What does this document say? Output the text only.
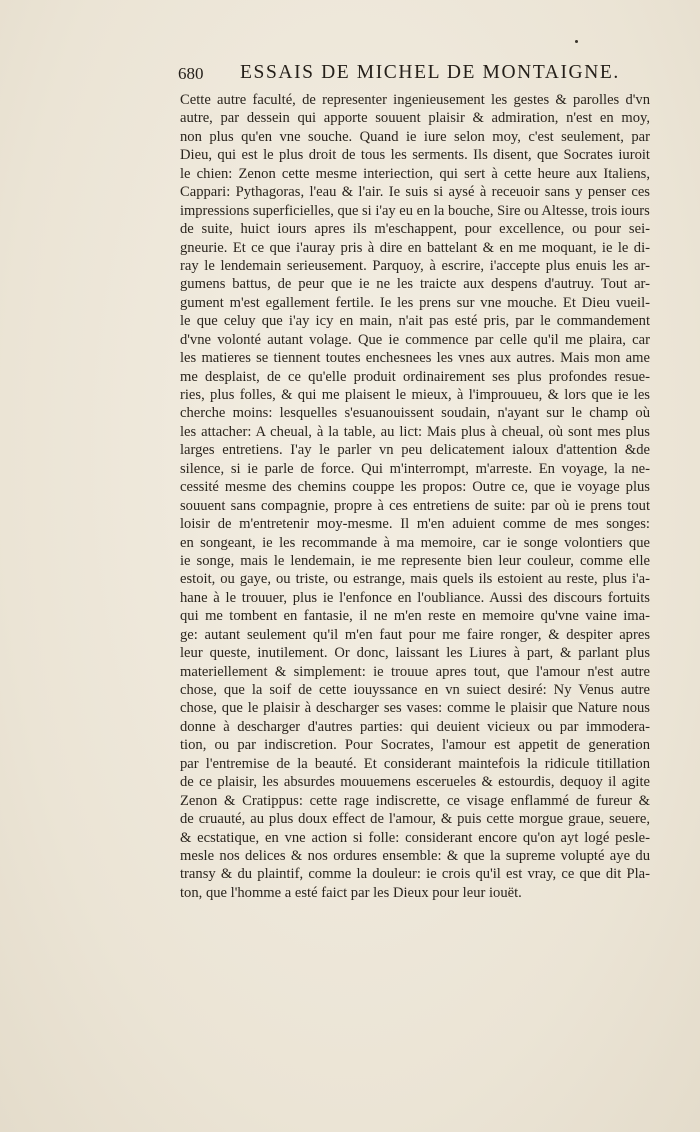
680 ESSAIS DE MICHEL DE MONTAIGNE.
Cette autre faculté, de representer ingenieusement les gestes & parolles d'vn
autre, par dessein qui apporte souuent plaisir & admiration, n'est en moy,
non plus qu'en vne souche. Quand ie iure selon moy, c'est seulement, par
Dieu, qui est le plus droit de tous les serments. Ils disent, que Socrates iuroit
le chien: Zenon cette mesme interiection, qui sert à cette heure aux Italiens,
Cappari: Pythagoras, l'eau & l'air. Ie suis si aysé à receuoir sans y penser ces
impressions superficielles, que si i'ay eu en la bouche, Sire ou Altesse, trois iours
de suite, huict iours apres ils m'eschappent, pour excellence, ou pour sei-
gneurie. Et ce que i'auray pris à dire en battelant & en me moquant, ie le di-
ray le lendemain serieusement. Parquoy, à escrire, i'accepte plus enuis les ar-
gumens battus, de peur que ie ne les traicte aux despens d'autruy. Tout ar-
gument m'est egallement fertile. Ie les prens sur vne mouche. Et Dieu vueil-
le que celuy que i'ay icy en main, n'ait pas esté pris, par le commandement
d'vne volonté autant volage. Que ie commence par celle qu'il me plaira, car
les matieres se tiennent toutes enchesnees les vnes aux autres. Mais mon ame
me desplaist, de ce qu'elle produit ordinairement ses plus profondes resue-
ries, plus folles, & qui me plaisent le mieux, à l'improuueu, & lors que ie les
cherche moins: lesquelles s'esuanouissent soudain, n'ayant sur le champ où
les attacher: A cheual, à la table, au lict: Mais plus à cheual, où sont mes plus
larges entretiens. I'ay le parler vn peu delicatement ialoux d'attention &de
silence, si ie parle de force. Qui m'interrompt, m'arreste. En voyage, la ne-
cessité mesme des chemins couppe les propos: Outre ce, que ie voyage plus
souuent sans compagnie, propre à ces entretiens de suite: par où ie prens tout
loisir de m'entretenir moy-mesme. Il m'en aduient comme de mes songes:
en songeant, ie les recommande à ma memoire, car ie songe volontiers que
ie songe, mais le lendemain, ie me represente bien leur couleur, comme elle
estoit, ou gaye, ou triste, ou estrange, mais quels ils estoient au reste, plus i'a-
hane à le trouuer, plus ie l'enfonce en l'oubliance. Aussi des discours fortuits
qui me tombent en fantasie, il ne m'en reste en memoire qu'vne vaine ima-
ge: autant seulement qu'il m'en faut pour me faire ronger, & despiter apres
leur queste, inutilement. Or donc, laissant les Liures à part, & parlant plus
materiellement & simplement: ie trouue apres tout, que l'amour n'est autre
chose, que la soif de cette iouyssance en vn suiect desiré: Ny Venus autre
chose, que le plaisir à descharger ses vases: comme le plaisir que Nature nous
donne à descharger d'autres parties: qui deuient vicieux ou par immodera-
tion, ou par indiscretion. Pour Socrates, l'amour est appetit de generation
par l'entremise de la beauté. Et considerant maintefois la ridicule titillation
de ce plaisir, les absurdes mouuemens escerueles & estourdis, dequoy il agite
Zenon & Cratippus: cette rage indiscrette, ce visage enflammé de fureur &
de cruauté, au plus doux effect de l'amour, & puis cette morgue graue, seuere,
& ecstatique, en vne action si folle: considerant encore qu'on ayt logé pesle-
mesle nos delices & nos ordures ensemble: & que la supreme volupté aye du
transy & du plaintif, comme la douleur: ie crois qu'il est vray, ce que dit Pla-
ton, que l'homme a esté faict par les Dieux pour leur iouët.
